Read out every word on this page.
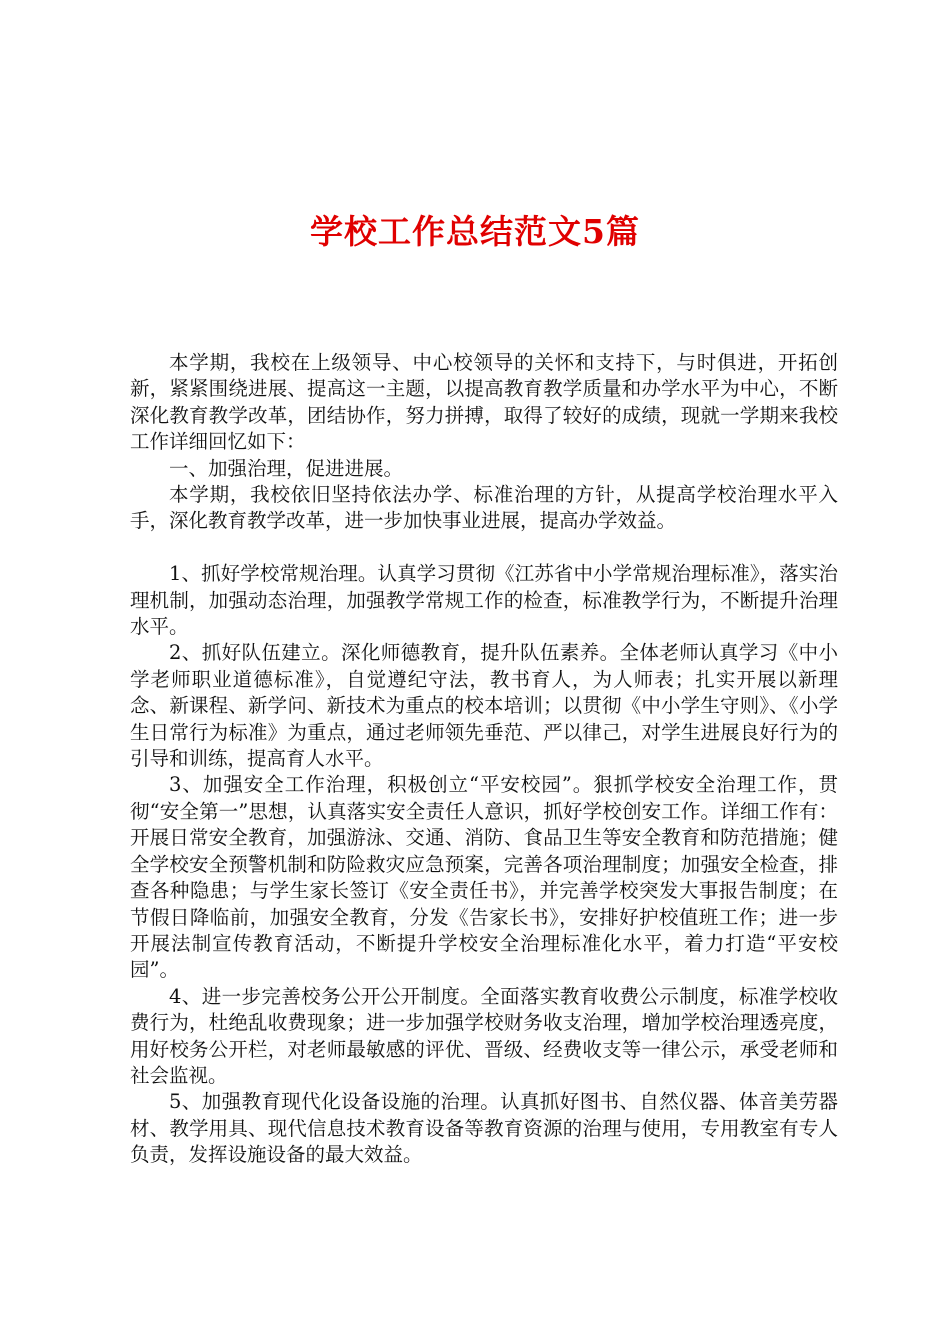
学校工作总结范文5篇

本学期，我校在上级领导、中心校领导的关怀和支持下，与时俱进，开拓创新，紧紧围绕进展、提高这一主题，以提高教育教学质量和办学水平为中心，不断深化教育教学改革，团结协作，努力拼搏，取得了较好的成绩，现就一学期来我校工作详细回忆如下：

一、加强治理，促进进展。

本学期，我校依旧坚持依法办学、标准治理的方针，从提高学校治理水平入手，深化教育教学改革，进一步加快事业进展，提高办学效益。

1、抓好学校常规治理。认真学习贯彻《江苏省中小学常规治理标准》，落实治理机制，加强动态治理，加强教学常规工作的检查，标准教学行为，不断提升治理水平。

2、抓好队伍建立。深化师德教育，提升队伍素养。全体老师认真学习《中小学老师职业道德标准》，自觉遵纪守法，教书育人，为人师表；扎实开展以新理念、新课程、新学问、新技术为重点的校本培训；以贯彻《中小学生守则》、《小学生日常行为标准》为重点，通过老师领先垂范、严以律己，对学生进展良好行为的引导和训练，提高育人水平。

3、加强安全工作治理，积极创立“平安校园”。狠抓学校安全治理工作，贯彻“安全第一”思想，认真落实安全责任人意识，抓好学校创安工作。详细工作有：开展日常安全教育，加强游泳、交通、消防、食品卫生等安全教育和防范措施；健全学校安全预警机制和防险救灾应急预案，完善各项治理制度；加强安全检查，排查各种隐患；与学生家长签订《安全责任书》，并完善学校突发大事报告制度；在节假日降临前，加强安全教育，分发《告家长书》，安排好护校值班工作；进一步开展法制宣传教育活动，不断提升学校安全治理标准化水平，着力打造“平安校园”。

4、进一步完善校务公开公开制度。全面落实教育收费公示制度，标准学校收费行为，杜绝乱收费现象；进一步加强学校财务收支治理，增加学校治理透亮度，用好校务公开栏，对老师最敏感的评优、晋级、经费收支等一律公示，承受老师和社会监视。

5、加强教育现代化设备设施的治理。认真抓好图书、自然仪器、体音美劳器材、教学用具、现代信息技术教育设备等教育资源的治理与使用，专用教室有专人负责，发挥设施设备的最大效益。
